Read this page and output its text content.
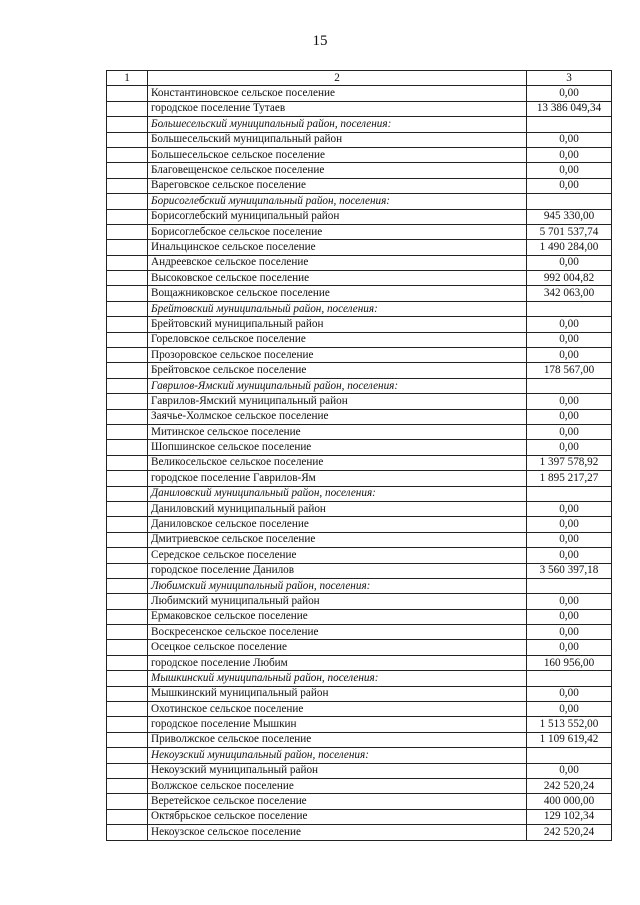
15
1	2	3
	Константиновское сельское поселение	0,00
	городское поселение Тутаев	13 386 049,34
	Большесельский муниципальный район, поселения:	
	Большесельский муниципальный район	0,00
	Большесельское сельское поселение	0,00
	Благовещенское сельское поселение	0,00
	Вареговское сельское поселение	0,00
	Борисоглебский муниципальный район, поселения:	
	Борисоглебский муниципальный район	945 330,00
	Борисоглебское сельское поселение	5 701 537,74
	Инальцинское сельское поселение	1 490 284,00
	Андреевское сельское поселение	0,00
	Высоковское сельское поселение	992 004,82
	Вощажниковское сельское поселение	342 063,00
	Брейтовский муниципальный район, поселения:	
	Брейтовский муниципальный район	0,00
	Гореловское сельское поселение	0,00
	Прозоровское сельское поселение	0,00
	Брейтовское сельское поселение	178 567,00
	Гаврилов-Ямский муниципальный район, поселения:	
	Гаврилов-Ямский муниципальный район	0,00
	Заячье-Холмское сельское поселение	0,00
	Митинское сельское поселение	0,00
	Шопшинское сельское поселение	0,00
	Великосельское сельское поселение	1 397 578,92
	городское поселение Гаврилов-Ям	1 895 217,27
	Даниловский муниципальный район, поселения:	
	Даниловский муниципальный район	0,00
	Даниловское сельское поселение	0,00
	Дмитриевское сельское поселение	0,00
	Середское сельское поселение	0,00
	городское поселение Данилов	3 560 397,18
	Любимский муниципальный район, поселения:	
	Любимский муниципальный район	0,00
	Ермаковское сельское поселение	0,00
	Воскресенское сельское поселение	0,00
	Осецкое сельское поселение	0,00
	городское поселение Любим	160 956,00
	Мышкинский муниципальный район, поселения:	
	Мышкинский муниципальный район	0,00
	Охотинское сельское поселение	0,00
	городское поселение Мышкин	1 513 552,00
	Приволжское сельское поселение	1 109 619,42
	Некоузский муниципальный район, поселения:	
	Некоузский муниципальный район	0,00
	Волжское сельское поселение	242 520,24
	Веретейское сельское поселение	400 000,00
	Октябрьское сельское поселение	129 102,34
	Некоузское сельское поселение	242 520,24
